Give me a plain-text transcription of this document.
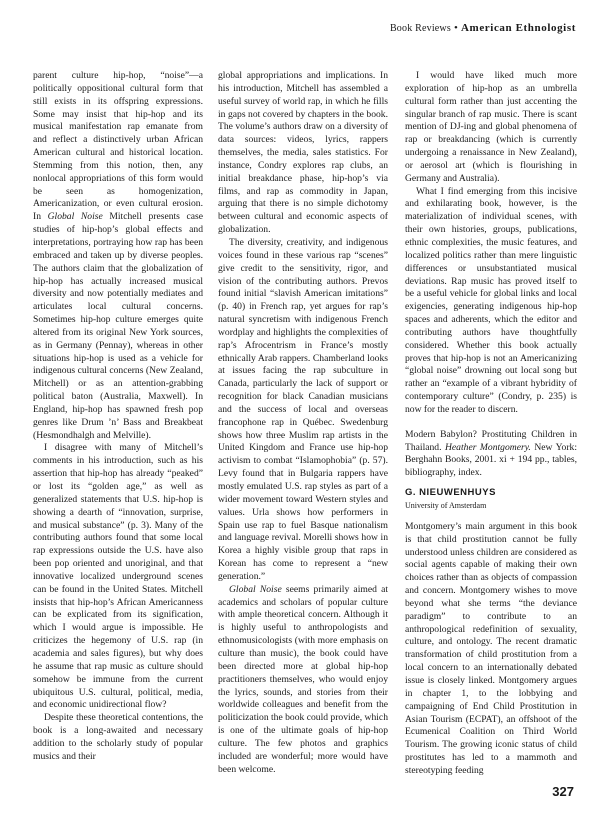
Book Reviews • American Ethnologist

parent culture hip-hop, “noise”—a politically oppositional cultural form that still exists in its offspring expressions. Some may insist that hip-hop and its musical manifestation rap emanate from and reflect a distinctively urban African American cultural and historical location. Stemming from this notion, then, any nonlocal appropriations of this form would be seen as homogenization, Americanization, or even cultural erosion. In Global Noise Mitchell presents case studies of hip-hop’s global effects and interpretations, portraying how rap has been embraced and taken up by diverse peoples. The authors claim that the globalization of hip-hop has actually increased musical diversity and now potentially mediates and articulates local cultural concerns. Sometimes hip-hop culture emerges quite altered from its original New York sources, as in Germany (Pennay), whereas in other situations hip-hop is used as a vehicle for indigenous cultural concerns (New Zealand, Mitchell) or as an attention-grabbing political baton (Australia, Maxwell). In England, hip-hop has spawned fresh pop genres like Drum ’n’ Bass and Breakbeat (Hesmondhalgh and Melville).

I disagree with many of Mitchell’s comments in his introduction, such as his assertion that hip-hop has already “peaked” or lost its “golden age,” as well as generalized statements that U.S. hip-hop is showing a dearth of “innovation, surprise, and musical substance” (p. 3). Many of the contributing authors found that some local rap expressions outside the U.S. have also been pop oriented and unoriginal, and that innovative localized underground scenes can be found in the United States. Mitchell insists that hip-hop’s African Americanness can be explicated from its signification, which I would argue is impossible. He criticizes the hegemony of U.S. rap (in academia and sales figures), but why does he assume that rap music as culture should somehow be immune from the current ubiquitous U.S. cultural, political, media, and economic unidirectional flow?

Despite these theoretical contentions, the book is a long-awaited and necessary addition to the scholarly study of popular musics and their

global appropriations and implications. In his introduction, Mitchell has assembled a useful survey of world rap, in which he fills in gaps not covered by chapters in the book. The volume’s authors draw on a diversity of data sources: videos, lyrics, rappers themselves, the media, sales statistics. For instance, Condry explores rap clubs, an initial breakdance phase, hip-hop’s via films, and rap as commodity in Japan, arguing that there is no simple dichotomy between cultural and economic aspects of globalization.

The diversity, creativity, and indigenous voices found in these various rap “scenes” give credit to the sensitivity, rigor, and vision of the contributing authors. Prevos found initial “slavish American imitations” (p. 40) in French rap, yet argues for rap’s natural syncretism with indigenous French wordplay and highlights the complexities of rap’s Afrocentrism in France’s mostly ethnically Arab rappers. Chamberland looks at issues facing the rap subculture in Canada, particularly the lack of support or recognition for black Canadian musicians and the success of local and overseas francophone rap in Québec. Swedenburg shows how three Muslim rap artists in the United Kingdom and France use hip-hop activism to combat “Islamophobia” (p. 57). Levy found that in Bulgaria rappers have mostly emulated U.S. rap styles as part of a wider movement toward Western styles and values. Urla shows how performers in Spain use rap to fuel Basque nationalism and language revival. Morelli shows how in Korea a highly visible group that raps in Korean has come to represent a “new generation.”

Global Noise seems primarily aimed at academics and scholars of popular culture with ample theoretical concern. Although it is highly useful to anthropologists and ethnomusicologists (with more emphasis on culture than music), the book could have been directed more at global hip-hop practitioners themselves, who would enjoy the lyrics, sounds, and stories from their worldwide colleagues and benefit from the politicization the book could provide, which is one of the ultimate goals of hip-hop culture. The few photos and graphics included are wonderful; more would have been welcome.

I would have liked much more exploration of hip-hop as an umbrella cultural form rather than just accenting the singular branch of rap music. There is scant mention of DJ-ing and global phenomena of rap or breakdancing (which is currently undergoing a renaissance in New Zealand), or aerosol art (which is flourishing in Germany and Australia).

What I find emerging from this incisive and exhilarating book, however, is the materialization of individual scenes, with their own histories, groups, publications, ethnic complexities, the music features, and localized politics rather than mere linguistic differences or unsubstantiated musical deviations. Rap music has proved itself to be a useful vehicle for global links and local exigencies, generating indigenous hip-hop spaces and adherents, which the editor and contributing authors have thoughtfully considered. Whether this book actually proves that hip-hop is not an Americanizing “global noise” drowning out local song but rather an “example of a vibrant hybridity of contemporary culture” (Condry, p. 235) is now for the reader to discern.

Modern Babylon? Prostituting Children in Thailand. Heather Montgomery. New York: Berghahn Books, 2001. xi + 194 pp., tables, bibliography, index.

G. NIEUWENHUYS
University of Amsterdam

Montgomery’s main argument in this book is that child prostitution cannot be fully understood unless children are considered as social agents capable of making their own choices rather than as objects of compassion and concern. Montgomery wishes to move beyond what she terms “the deviance paradigm” to contribute to an anthropological redefinition of sexuality, culture, and ontology. The recent dramatic transformation of child prostitution from a local concern to an internationally debated issue is closely linked. Montgomery argues in chapter 1, to the lobbying and campaigning of End Child Prostitution in Asian Tourism (ECPAT), an offshoot of the Ecumenical Coalition on Third World Tourism. The growing iconic status of child prostitutes has led to a mammoth and stereotyping feeding

327
